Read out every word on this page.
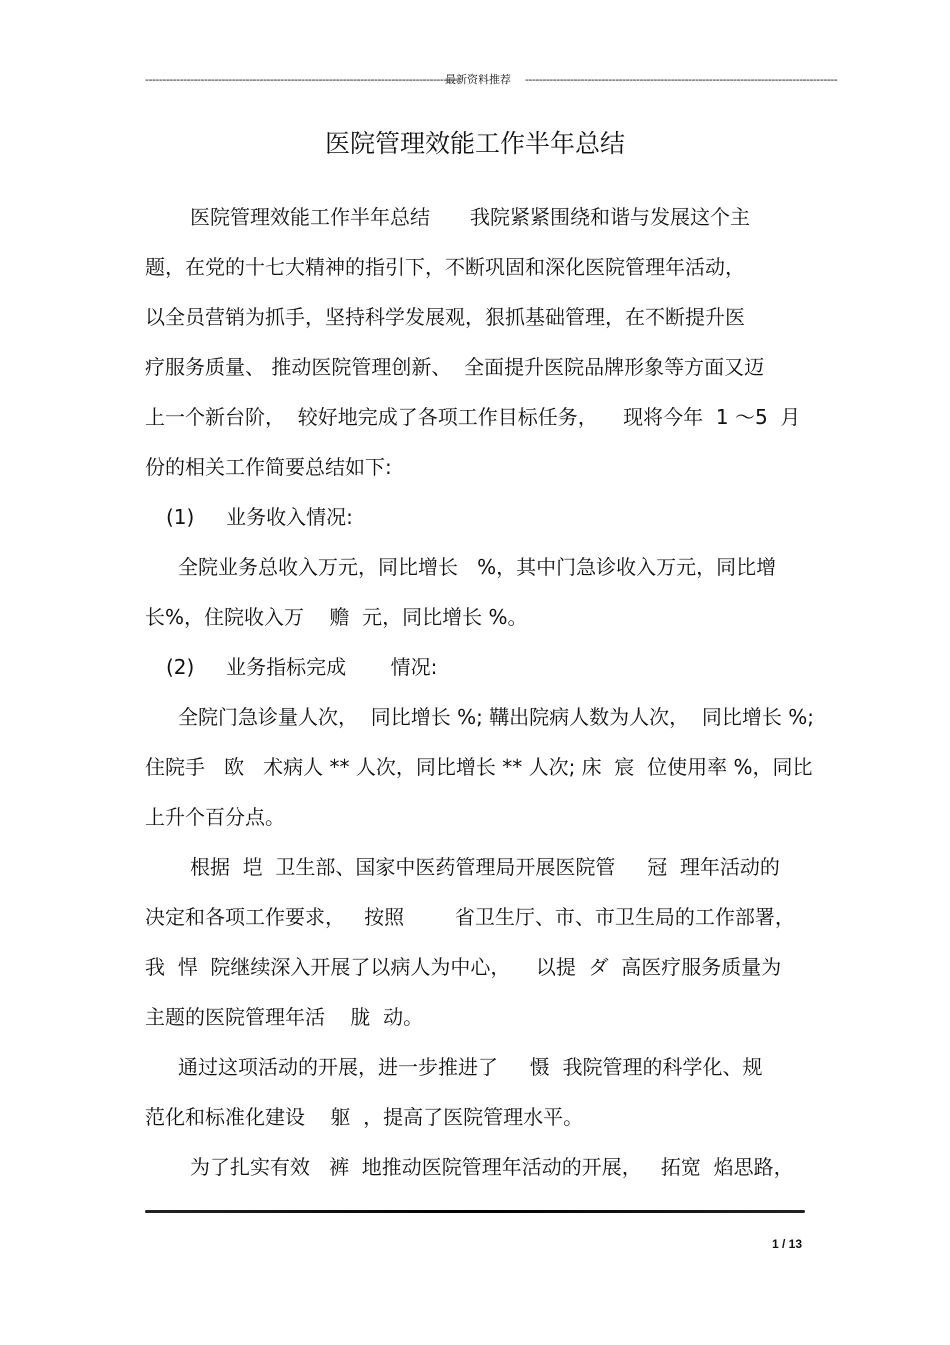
------------------------------------------------------------------------------------------
最新资料推荐 ------------------------------------------------------------------------------------------
医院管理效能工作半年总结
医院管理效能工作半年总结　　我院紧紧围绕和谐与发展这个主
题，在党的十七大精神的指引下，不断巩固和深化医院管理年活动，
以全员营销为抓手，坚持科学发展观，狠抓基础管理，在不断提升医
疗服务质量、 推动医院管理创新、  全面提升医院品牌形象等方面又迈
上一个新台阶，  较好地完成了各项工作目标任务，    现将今年  1 ～5  月
份的相关工作简要总结如下:
(1)     业务收入情况:
全院业务总收入万元，同比增长   %，其中门急诊收入万元，同比增
长%，住院收入万    赡  元，同比增长 %。
(2)     业务指标完成       情况:
全院门急诊量人次，  同比增长 %; 鞲出院病人数为人次，  同比增长 %;
住院手   欧   术病人 ** 人次，同比增长 ** 人次; 床  宸  位使用率 %，同比
上升个百分点。
根据  垲  卫生部、国家中医药管理局开展医院管     冠  理年活动的
决定和各项工作要求，   按照        省卫生厅、市、市卫生局的工作部署，
我  悍  院继续深入开展了以病人为中心，    以提  ダ  高医疗服务质量为
主题的医院管理年活    胧  动。
通过这项活动的开展，进一步推进了     慑  我院管理的科学化、规
范化和标准化建设    躯  ，提高了医院管理水平。
为了扎实有效   裤  地推动医院管理年活动的开展，   拓宽  焰思路，
1 / 13
